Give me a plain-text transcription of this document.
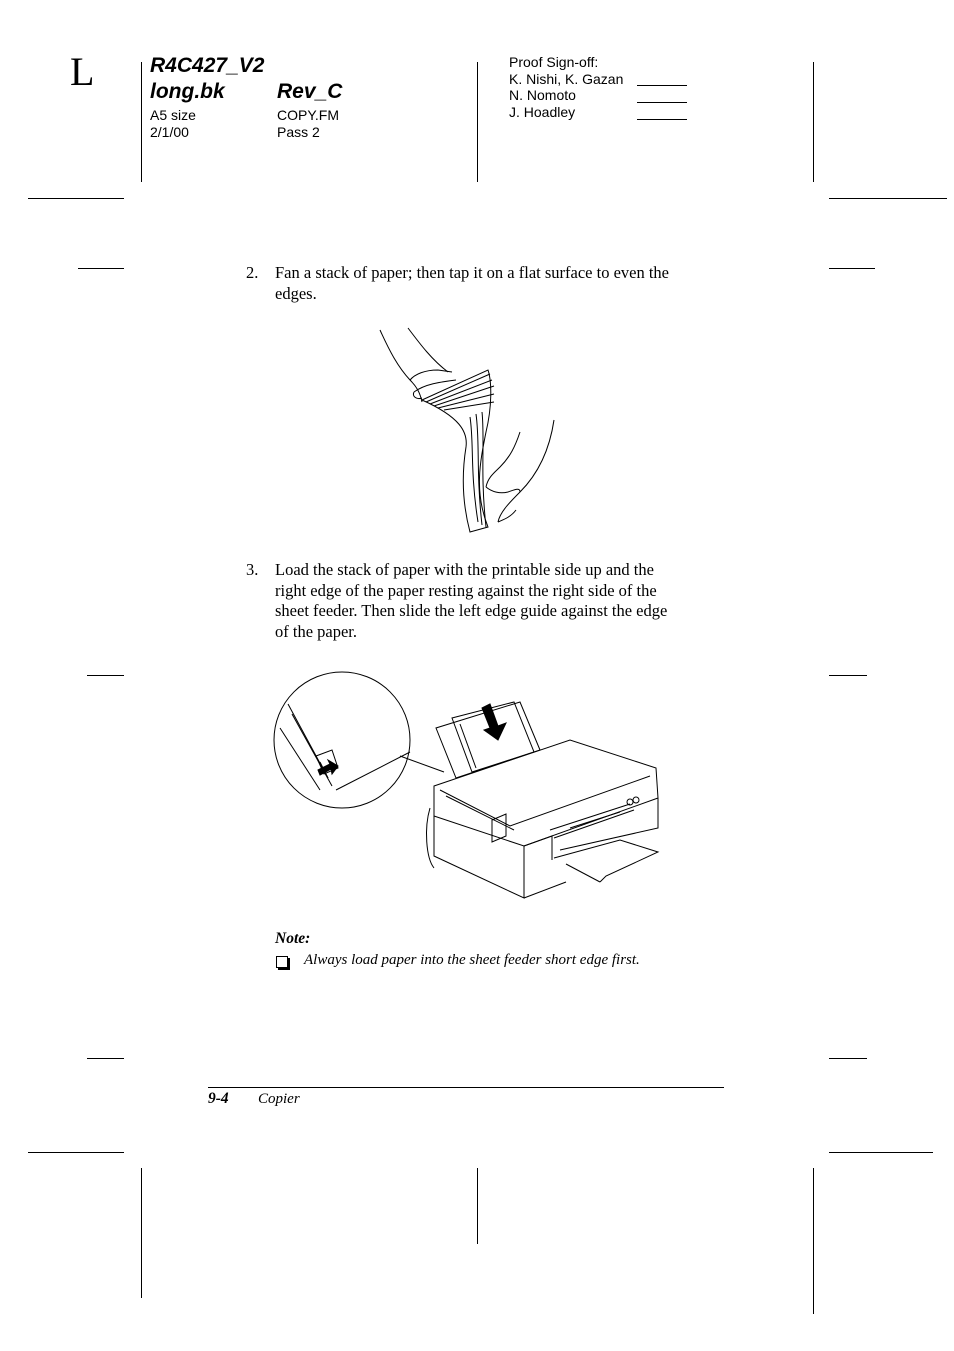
L	R4C427_V2
long.bk Rev_C
A5 size	COPY.FM
2/1/00	Pass 2
Proof Sign-off:
K. Nishi, K. Gazan
N. Nomoto
J. Hoadley
2. Fan a stack of paper; then tap it on a flat surface to even the
edges.
3. Load the stack of paper with the printable side up and the
right edge of the paper resting against the right side of the
sheet feeder. Then slide the left edge guide against the edge
of the paper.
Note:
Always load paper into the sheet feeder short edge first.
9-4 Copier
